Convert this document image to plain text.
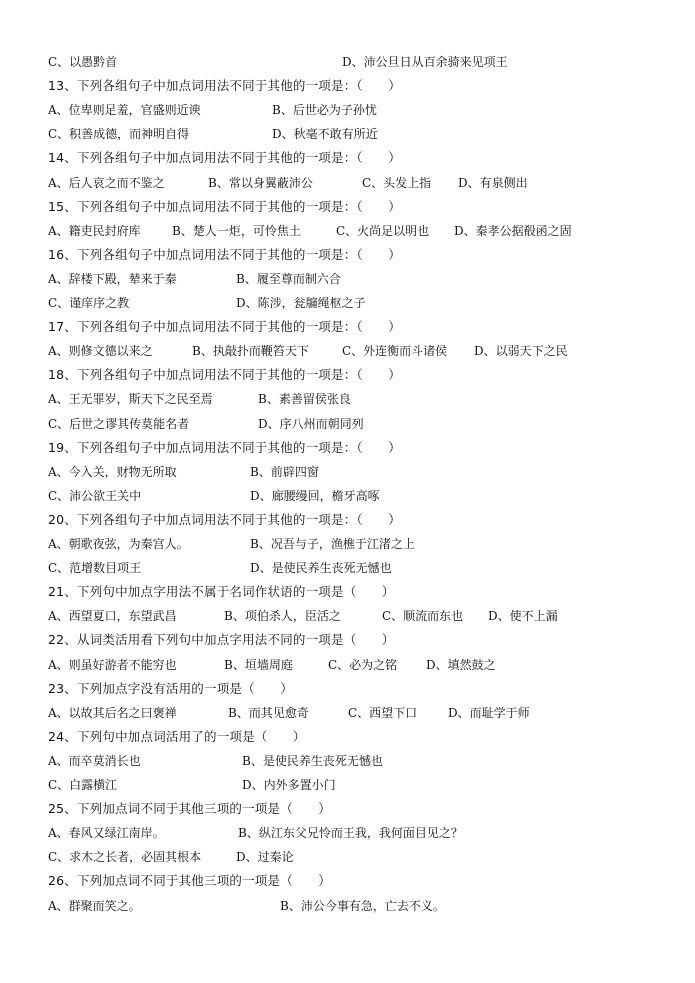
C、以愚黔首	D、沛公旦日从百余骑来见项王
13、下列各组句子中加点词用法不同于其他的一项是：（　　）
A、位卑则足羞，官盛则近谀	B、后世必为子孙忧
C、积善成德，而神明自得	D、秋毫不敢有所近
14、下列各组句子中加点词用法不同于其他的一项是：（　　）
A、后人哀之而不鉴之	B、常以身翼蔽沛公	C、头发上指 D、有泉侧出
15、下列各组句子中加点词用法不同于其他的一项是：（　　）
A、籍吏民封府库	B、楚人一炬，可怜焦土	C、火尚足以明也 D、秦孝公据殽函之固
16、下列各组句子中加点词用法不同于其他的一项是：（　　）
A、辞楼下殿，辇来于秦	B、履至尊而制六合
C、谨庠序之教	D、陈涉，瓮牖绳枢之子
17、下列各组句子中加点词用法不同于其他的一项是：（　　）
A、则修文德以来之	B、执敲扑而鞭笞天下	C、外连衡而斗诸侯 D、以弱天下之民
18、下列各组句子中加点词用法不同于其他的一项是：（　　）
A、王无罪岁，斯天下之民至焉	B、素善留侯张良
C、后世之谬其传莫能名者	D、序八州而朝同列
19、下列各组句子中加点词用法不同于其他的一项是：（　　）
A、今入关，财物无所取	B、前辟四窗
C、沛公欲王关中	D、廊腰缦回，檐牙高啄
20、下列各组句子中加点词用法不同于其他的一项是：（　　）
A、朝歌夜弦，为秦宫人。	B、况吾与子，渔樵于江渚之上
C、范增数目项王	D、是使民养生丧死无憾也
21、下列句中加点字用法不属于名词作状语的一项是（　　）
A、西望夏口，东望武昌	B、项伯杀人，臣活之	C、顺流而东也 D、使不上漏
22、从词类活用看下列句中加点字用法不同的一项是（　　）
A、则虽好游者不能穷也	B、垣墙周庭	C、必为之铭 D、填然鼓之
23、下列加点字没有活用的一项是（　　）
A、以故其后名之曰褒禅	B、而其见愈奇	C、西望下口	D、而耻学于师
24、下列句中加点词活用了的一项是（　　）
A、而卒莫消长也	B、是使民养生丧死无憾也
C、白露横江	D、内外多置小门
25、下列加点词不同于其他三项的一项是（　　）
A、春风又绿江南岸。	B、纵江东父兄怜而王我，我何面目见之？
C、求木之长者，必固其根本	D、过秦论
26、下列加点词不同于其他三项的一项是（　　）
A、群聚而笑之。	B、沛公今事有急，亡去不义。
